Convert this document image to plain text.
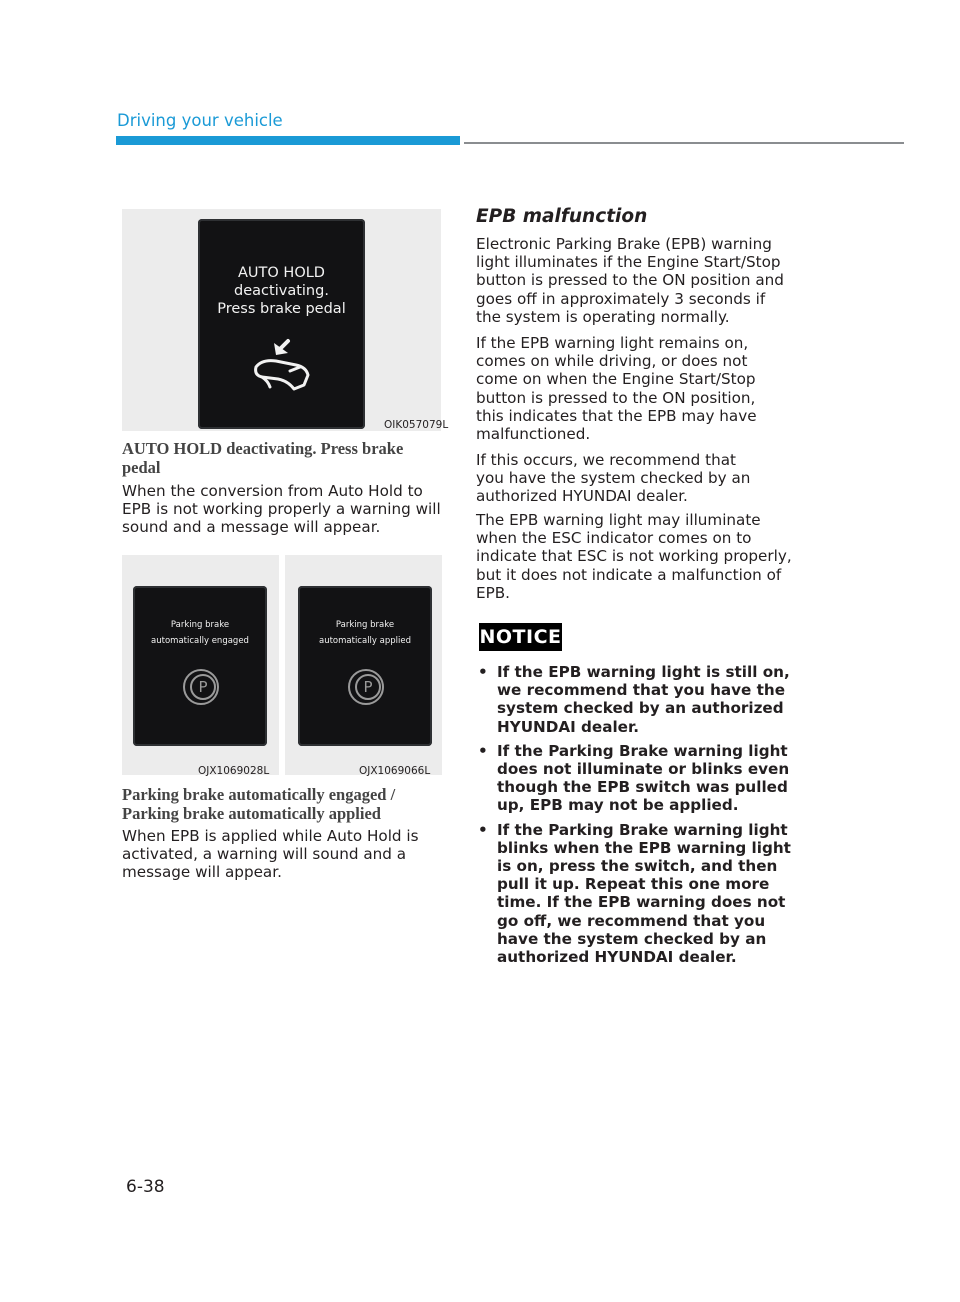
Driving your vehicle
AUTO HOLD
deactivating.
Press brake pedal
OIK057079L
AUTO HOLD deactivating. Press brake pedal

When the conversion from Auto Hold to EPB is not working properly a warning will sound and a message will appear.

Parking brake
automatically engaged
P
OJX1069028L
Parking brake
automatically applied
P
OJX1069066L
Parking brake automatically engaged /
Parking brake automatically applied

When EPB is applied while Auto Hold is activated, a warning will sound and a message will appear.

EPB malfunction

Electronic Parking Brake (EPB) warning light illuminates if the Engine Start/Stop button is pressed to the ON position and goes off in approximately 3 seconds if the system is operating normally.

If the EPB warning light remains on, comes on while driving, or does not come on when the Engine Start/Stop button is pressed to the ON position, this indicates that the EPB may have malfunctioned.

If this occurs, we recommend that you have the system checked by an authorized HYUNDAI dealer.

The EPB warning light may illuminate when the ESC indicator comes on to indicate that ESC is not working properly, but it does not indicate a malfunction of EPB.

NOTICE
• If the EPB warning light is still on, we recommend that you have the system checked by an authorized HYUNDAI dealer.
• If the Parking Brake warning light does not illuminate or blinks even though the EPB switch was pulled up, EPB may not be applied.
• If the Parking Brake warning light blinks when the EPB warning light is on, press the switch, and then pull it up. Repeat this one more time. If the EPB warning does not go off, we recommend that you have the system checked by an authorized HYUNDAI dealer.
6-38
